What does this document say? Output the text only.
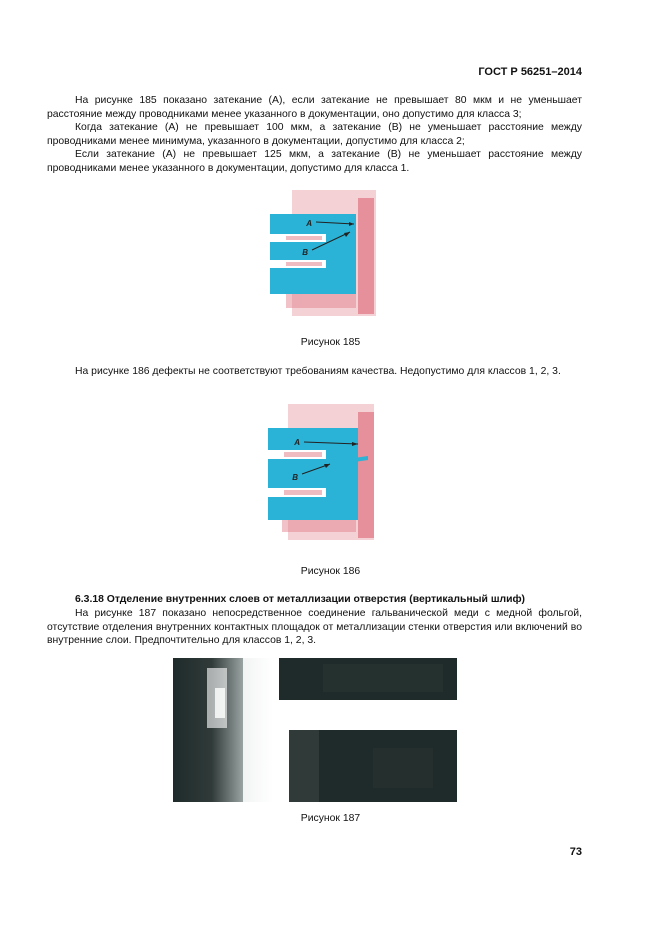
ГОСТ Р 56251–2014

На рисунке 185 показано затекание (А), если затекание не превышает 80 мкм и не уменьшает расстояние между проводниками менее указанного в документации, оно допустимо для класса 3;

Когда затекание (А) не превышает 100 мкм, а затекание (В) не уменьшает расстояние между проводниками менее минимума, указанного в документации, допустимо для класса 2;

Если затекание (А) не превышает 125 мкм, а затекание (В) не уменьшает расстояние между проводниками менее указанного в документации, допустимо для класса 1.

А
В
Рисунок 185

На рисунке 186 дефекты не соответствуют требованиям качества. Недопустимо для классов 1, 2, 3.

А
В
Рисунок 186
6.3.18 Отделение внутренних слоев от металлизации отверстия (вертикальный шлиф)

На рисунке 187 показано непосредственное соединение гальванической меди с медной фольгой, отсутствие отделения внутренних контактных площадок от металлизации стенки отверстия или включений во внутренние слои. Предпочтительно для классов 1, 2, 3.

Рисунок 187
73
